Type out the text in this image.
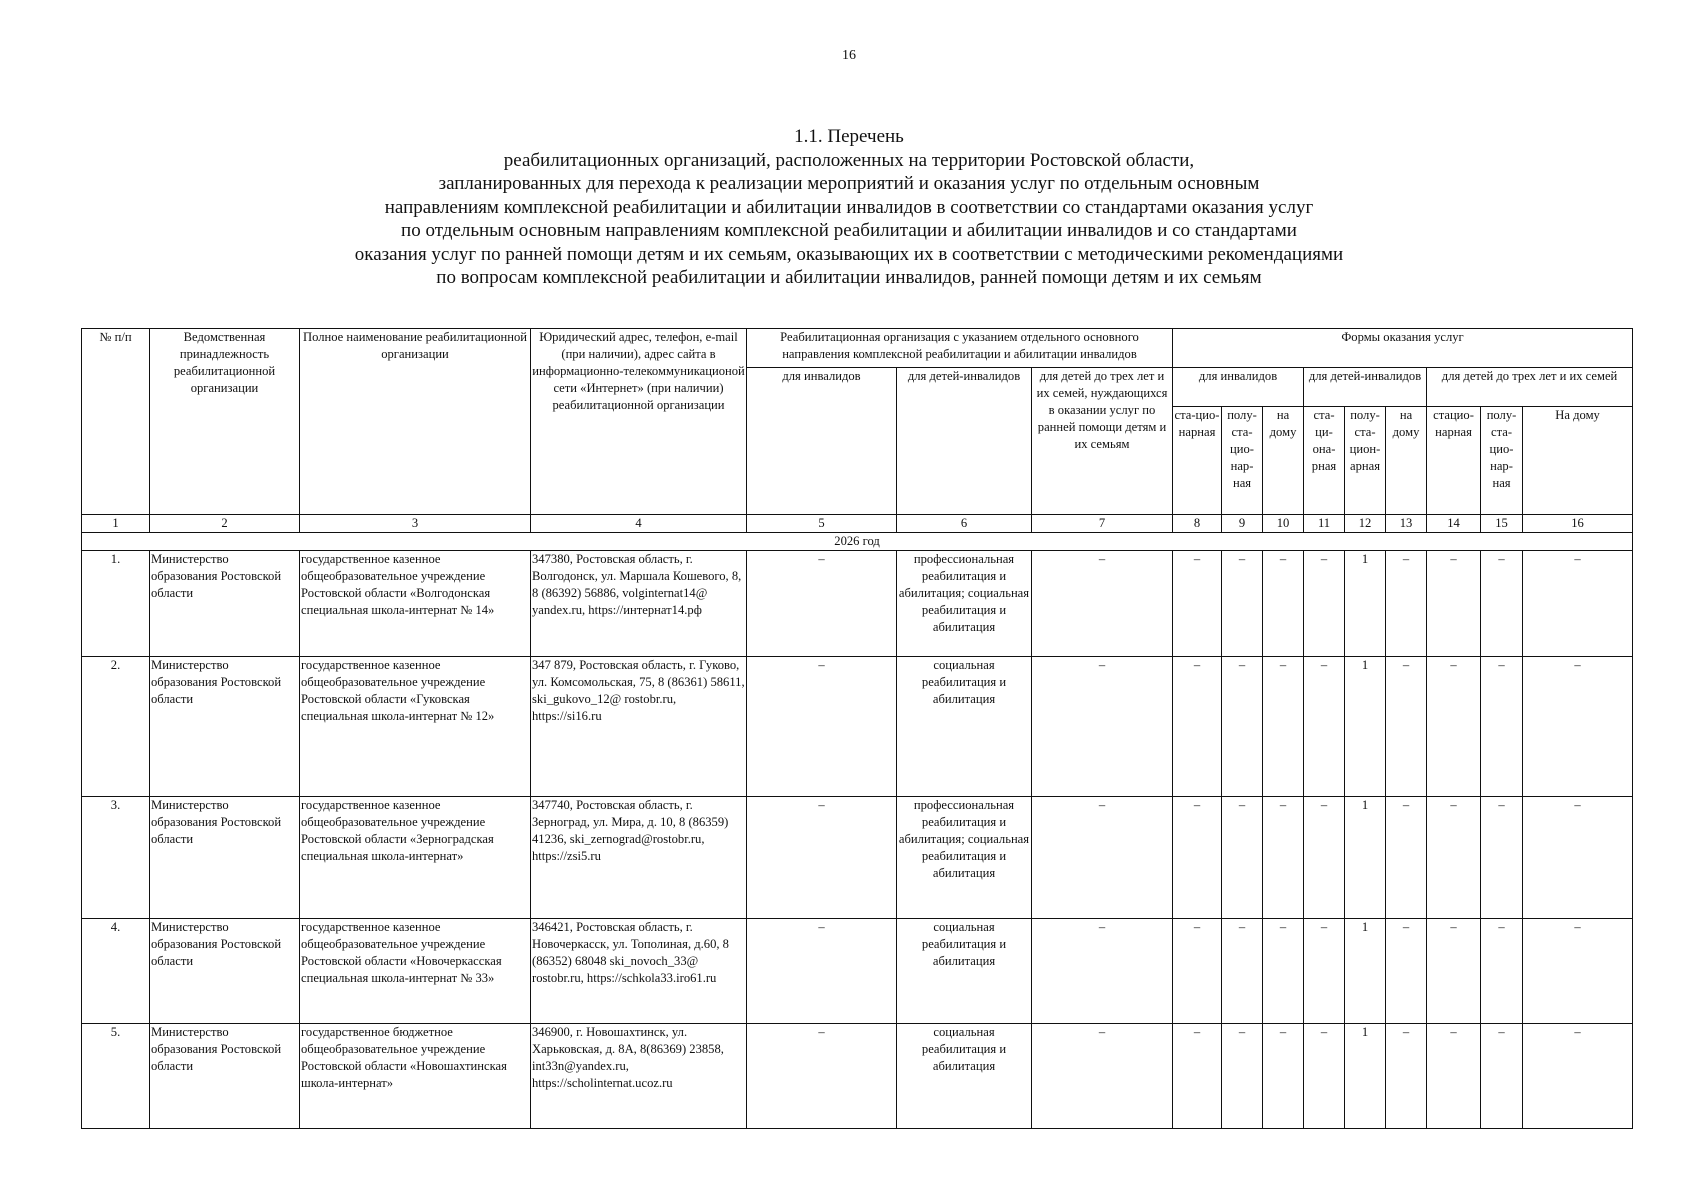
16
1.1. Перечень
реабилитационных организаций, расположенных на территории Ростовской области,
запланированных для перехода к реализации мероприятий и оказания услуг по отдельным основным
направлениям комплексной реабилитации и абилитации инвалидов в соответствии со стандартами оказания услуг
по отдельным основным направлениям комплексной реабилитации и абилитации инвалидов и со стандартами
оказания услуг по ранней помощи детям и их семьям, оказывающих их в соответствии с методическими рекомендациями
по вопросам комплексной реабилитации и абилитации инвалидов, ранней помощи детям и их семьям
№ п/п	Ведомственная принадлежность реабилитационной организации	Полное наименование реабилитационной организации	Юридический адрес, телефон, e-mail (при наличии), адрес сайта в информационно-телекоммуникационой сети «Интернет» (при наличии) реабилитационной организации	Реабилитационная организация с указанием отдельного основного направления комплексной реабилитации и абилитации инвалидов			Формы оказания услуг								
				для инвалидов	для детей-инвалидов	для детей до трех лет и их семей, нуждающихся в оказании услуг по ранней помощи детям и их семьям	для инвалидов			для детей-инвалидов			для детей до трех лет и их семей		
							ста-цио-нарная	полу-ста-цио-нар-ная	на дому	ста-ци-она-рная	полу-ста-цион-арная	на дому	стацио-нарная	полу-ста-цио-нар-ная	На дому
1	2	3	4	5	6	7	8	9	10	11	12	13	14	15	16
2026 год															
1.	Министерство образования Ростовской области	государственное казенное общеобразовательное учреждение Ростовской области «Волгодонская специальная школа-интернат № 14»	347380, Ростовская область, г. Волгодонск, ул. Маршала Кошевого, 8, 8 (86392) 56886, volginternat14@ yandex.ru, https://интернат14.рф	–	профессиональная реабилитация и абилитация; социальная реабилитация и абилитация	–	–	–	–	–	1	–	–	–	–
2.	Министерство образования Ростовской области	государственное казенное общеобразовательное учреждение Ростовской области «Гуковская специальная школа-интернат № 12»	347 879, Ростовская область, г. Гуково, ул. Комсомольская, 75, 8 (86361) 58611, ski_gukovo_12@ rostobr.ru, https://si16.ru	–	социальная реабилитация и абилитация	–	–	–	–	–	1	–	–	–	–
3.	Министерство образования Ростовской области	государственное казенное общеобразовательное учреждение Ростовской области «Зерноградская специальная школа-интернат»	347740, Ростовская область, г. Зерноград, ул. Мира, д. 10, 8 (86359) 41236, ski_zernograd@rostobr.ru, https://zsi5.ru	–	профессиональная реабилитация и абилитация; социальная реабилитация и абилитация	–	–	–	–	–	1	–	–	–	–
4.	Министерство образования Ростовской области	государственное казенное общеобразовательное учреждение Ростовской области «Новочеркасская специальная школа-интернат № 33»	346421, Ростовская область, г. Новочеркасск, ул. Тополиная, д.60, 8 (86352) 68048 ski_novoch_33@ rostobr.ru, https://schkola33.iro61.ru	–	социальная реабилитация и абилитация	–	–	–	–	–	1	–	–	–	–
5.	Министерство образования Ростовской области	государственное бюджетное общеобразовательное учреждение Ростовской области «Новошахтинская школа-интернат»	346900, г. Новошахтинск, ул. Харьковская, д. 8А, 8(86369) 23858, int33n@yandex.ru, https://scholinternat.ucoz.ru	–	социальная реабилитация и абилитация	–	–	–	–	–	1	–	–	–	–
